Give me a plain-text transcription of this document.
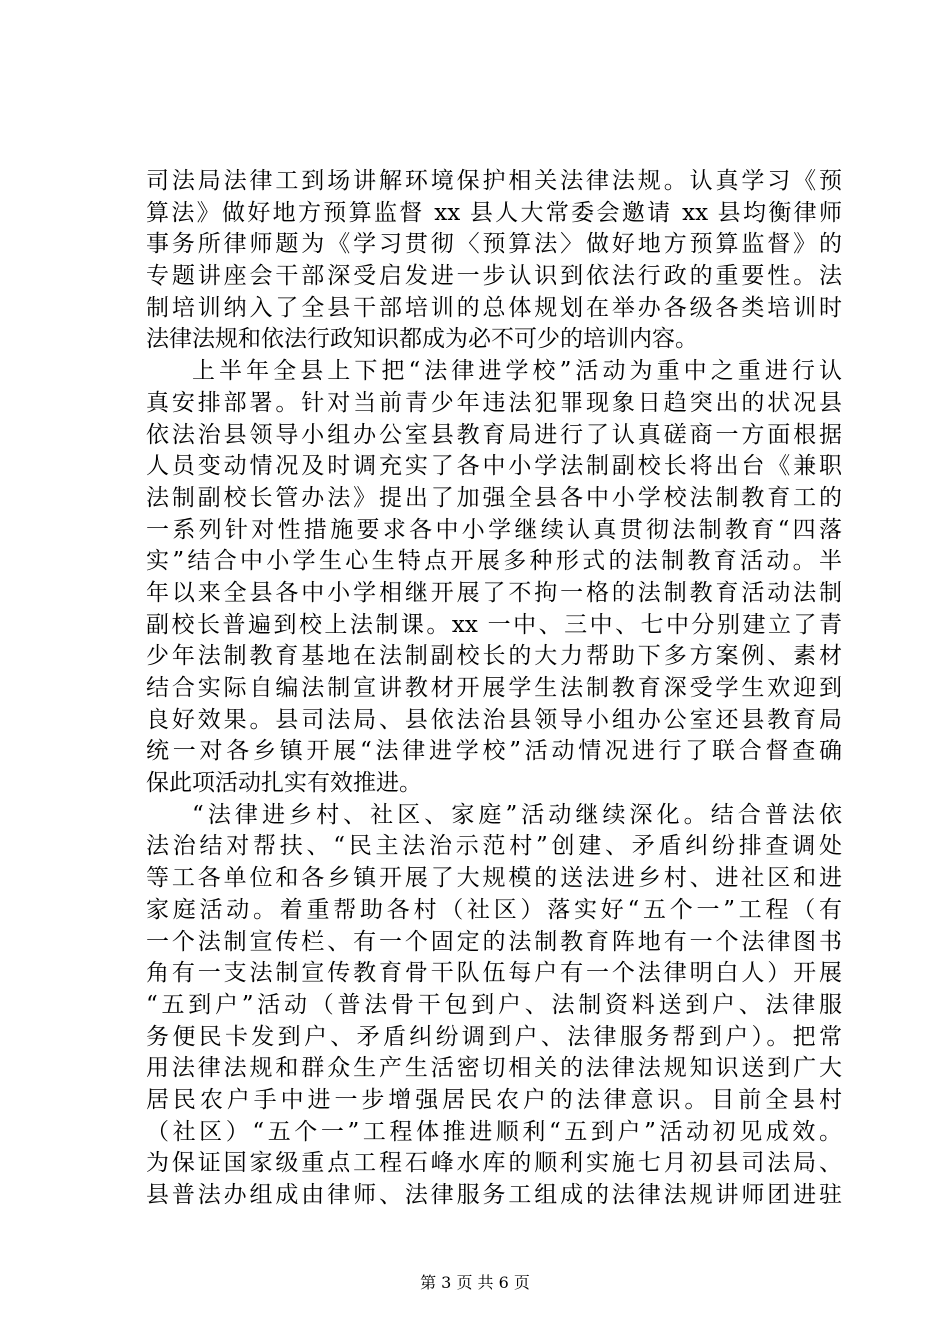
司法局法律工到场讲解环境保护相关法律法规。认真学习《预
算法》做好地方预算监督 xx 县人大常委会邀请 xx 县均衡律师
事务所律师题为《学习贯彻〈预算法〉做好地方预算监督》的
专题讲座会干部深受启发进一步认识到依法行政的重要性。法
制培训纳入了全县干部培训的总体规划在举办各级各类培训时
法律法规和依法行政知识都成为必不可少的培训内容。
上半年全县上下把“法律进学校”活动为重中之重进行认
真安排部署。针对当前青少年违法犯罪现象日趋突出的状况县
依法治县领导小组办公室县教育局进行了认真磋商一方面根据
人员变动情况及时调充实了各中小学法制副校长将出台《兼职
法制副校长管办法》提出了加强全县各中小学校法制教育工的
一系列针对性措施要求各中小学继续认真贯彻法制教育“四落
实”结合中小学生心生特点开展多种形式的法制教育活动。半
年以来全县各中小学相继开展了不拘一格的法制教育活动法制
副校长普遍到校上法制课。xx 一中、三中、七中分别建立了青
少年法制教育基地在法制副校长的大力帮助下多方案例、素材
结合实际自编法制宣讲教材开展学生法制教育深受学生欢迎到
良好效果。县司法局、县依法治县领导小组办公室还县教育局
统一对各乡镇开展“法律进学校”活动情况进行了联合督查确
保此项活动扎实有效推进。
“法律进乡村、社区、家庭”活动继续深化。结合普法依
法治结对帮扶、“民主法治示范村”创建、矛盾纠纷排查调处
等工各单位和各乡镇开展了大规模的送法进乡村、进社区和进
家庭活动。着重帮助各村（社区）落实好“五个一”工程（有
一个法制宣传栏、有一个固定的法制教育阵地有一个法律图书
角有一支法制宣传教育骨干队伍每户有一个法律明白人）开展
“五到户”活动（普法骨干包到户、法制资料送到户、法律服
务便民卡发到户、矛盾纠纷调到户、法律服务帮到户）。把常
用法律法规和群众生产生活密切相关的法律法规知识送到广大
居民农户手中进一步增强居民农户的法律意识。目前全县村
（社区）“五个一”工程体推进顺利“五到户”活动初见成效。
为保证国家级重点工程石峰水库的顺利实施七月初县司法局、
县普法办组成由律师、法律服务工组成的法律法规讲师团进驻
第 3 页 共 6 页
